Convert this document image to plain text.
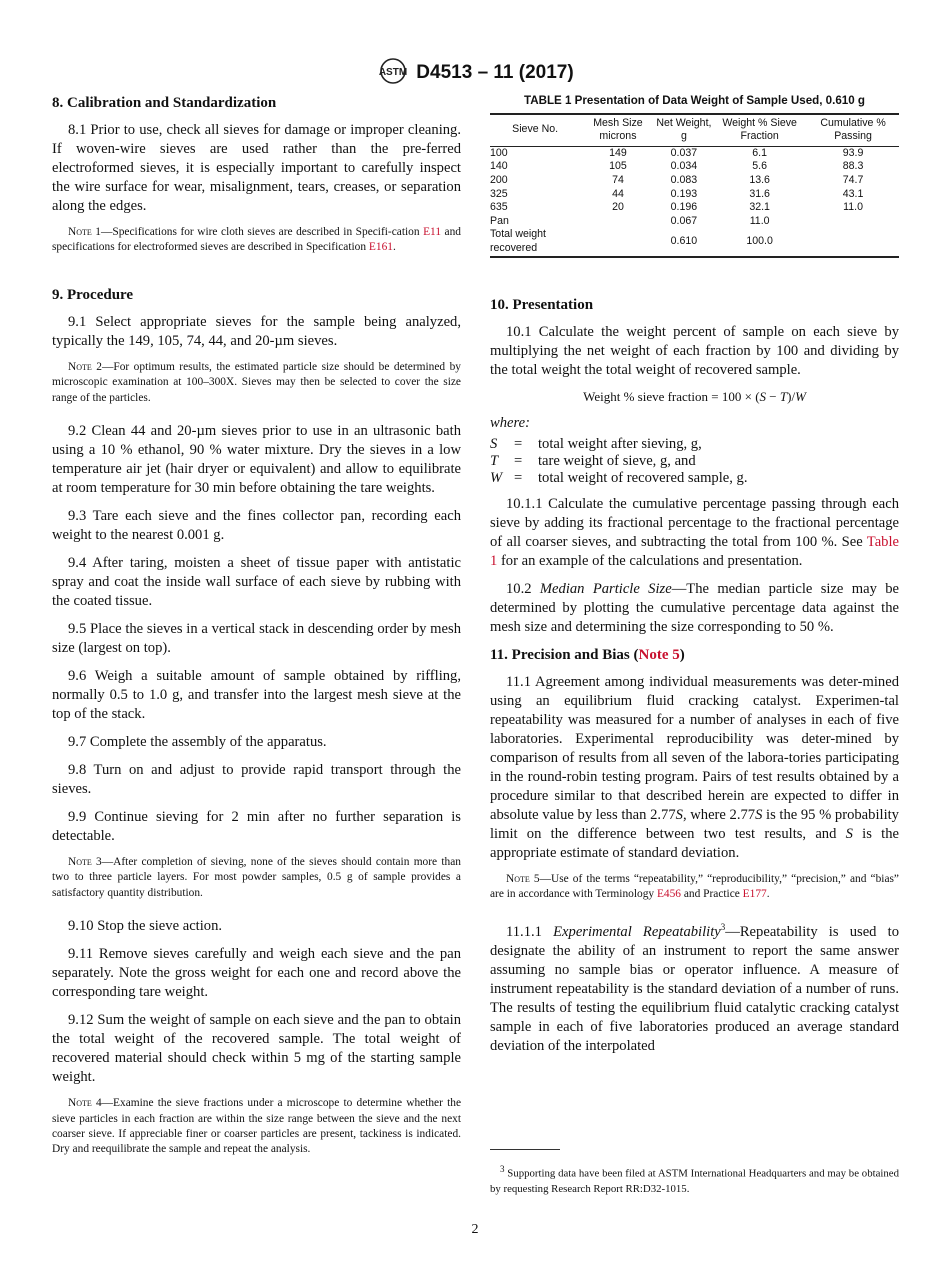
ASTM D4513 – 11 (2017)
8. Calibration and Standardization

8.1 Prior to use, check all sieves for damage or improper cleaning. If woven-wire sieves are used rather than the pre-ferred electroformed sieves, it is especially important to carefully inspect the wire surface for wear, misalignment, tears, creases, or separation along the edges.

Note 1—Specifications for wire cloth sieves are described in Specifi-cation E11 and specifications for electroformed sieves are described in Specification E161.

9. Procedure

9.1 Select appropriate sieves for the sample being analyzed, typically the 149, 105, 74, 44, and 20-µm sieves.

Note 2—For optimum results, the estimated particle size should be determined by microscopic examination at 100–300X. Sieves may then be selected to cover the size range of the particles.

9.2 Clean 44 and 20-µm sieves prior to use in an ultrasonic bath using a 10 % ethanol, 90 % water mixture. Dry the sieves in a low temperature air jet (hair dryer or equivalent) and allow to equilibrate at room temperature for 30 min before obtaining the tare weights.

9.3 Tare each sieve and the fines collector pan, recording each weight to the nearest 0.001 g.

9.4 After taring, moisten a sheet of tissue paper with antistatic spray and coat the inside wall surface of each sieve by rubbing with the coated tissue.

9.5 Place the sieves in a vertical stack in descending order by mesh size (largest on top).

9.6 Weigh a suitable amount of sample obtained by riffling, normally 0.5 to 1.0 g, and transfer into the largest mesh sieve at the top of the stack.

9.7 Complete the assembly of the apparatus.

9.8 Turn on and adjust to provide rapid transport through the sieves.

9.9 Continue sieving for 2 min after no further separation is detectable.

Note 3—After completion of sieving, none of the sieves should contain more than two to three particle layers. For most powder samples, 0.5 g of sample provides a satisfactory quantity distribution.

9.10 Stop the sieve action.

9.11 Remove sieves carefully and weigh each sieve and the pan separately. Note the gross weight for each one and record above the corresponding tare weight.

9.12 Sum the weight of sample on each sieve and the pan to obtain the total weight of the recovered sample. The total weight of recovered material should check within 5 mg of the starting sample weight.

Note 4—Examine the sieve fractions under a microscope to determine whether the sieve particles in each fraction are within the size range between the sieve and the next coarser sieve. If appreciable finer or coarser particles are present, tackiness is indicated. Dry and reequilibrate the sample and repeat the analysis.

TABLE 1 Presentation of Data Weight of Sample Used, 0.610 g
Sieve No.	Mesh Size microns	Net Weight, g	Weight % Sieve Fraction	Cumulative % Passing
100	149	0.037	6.1	93.9
140	105	0.034	5.6	88.3
200	74	0.083	13.6	74.7
325	44	0.193	31.6	43.1
635	20	0.196	32.1	11.0
Pan		0.067	11.0	
Total weight recovered		0.610	100.0	
10. Presentation

10.1 Calculate the weight percent of sample on each sieve by multiplying the net weight of each fraction by 100 and dividing by the total weight the total weight of recovered sample.

Weight % sieve fraction = 100 × (S − T)/W

where:
S	=	total weight after sieving, g,
T	=	tare weight of sieve, g, and
W =	total weight of recovered sample, g.

10.1.1 Calculate the cumulative percentage passing through each sieve by adding its fractional percentage to the fractional percentage of all coarser sieves, and subtracting the total from 100 %. See Table 1 for an example of the calculations and presentation.

10.2 Median Particle Size—The median particle size may be determined by plotting the cumulative percentage data against the mesh size and determining the size corresponding to 50 %.

11. Precision and Bias (Note 5)

11.1 Agreement among individual measurements was deter-mined using an equilibrium fluid cracking catalyst. Experimen-tal repeatability was measured for a number of analyses in each of five laboratories. Experimental reproducibility was deter-mined by comparison of results from all seven of the labora-tories participating in the round-robin testing program. Pairs of test results obtained by a procedure similar to that described herein are expected to differ in absolute value by less than 2.77S, where 2.77S is the 95 % probability limit on the difference between two test results, and S is the appropriate estimate of standard deviation.

Note 5—Use of the terms “repeatability,” “reproducibility,” “precision,” and “bias” are in accordance with Terminology E456 and Practice E177.

11.1.1 Experimental Repeatability$^3$—Repeatability is used to designate the ability of an instrument to report the same answer assuming no sample bias or operator influence. A measure of instrument repeatability is the standard deviation of a number of runs. The results of testing the equilibrium fluid catalytic cracking catalyst sample in each of five laboratories produced an average standard deviation of the interpolated

$^3$ Supporting data have been filed at ASTM International Headquarters and may be obtained by requesting Research Report RR:D32-1015.
2
